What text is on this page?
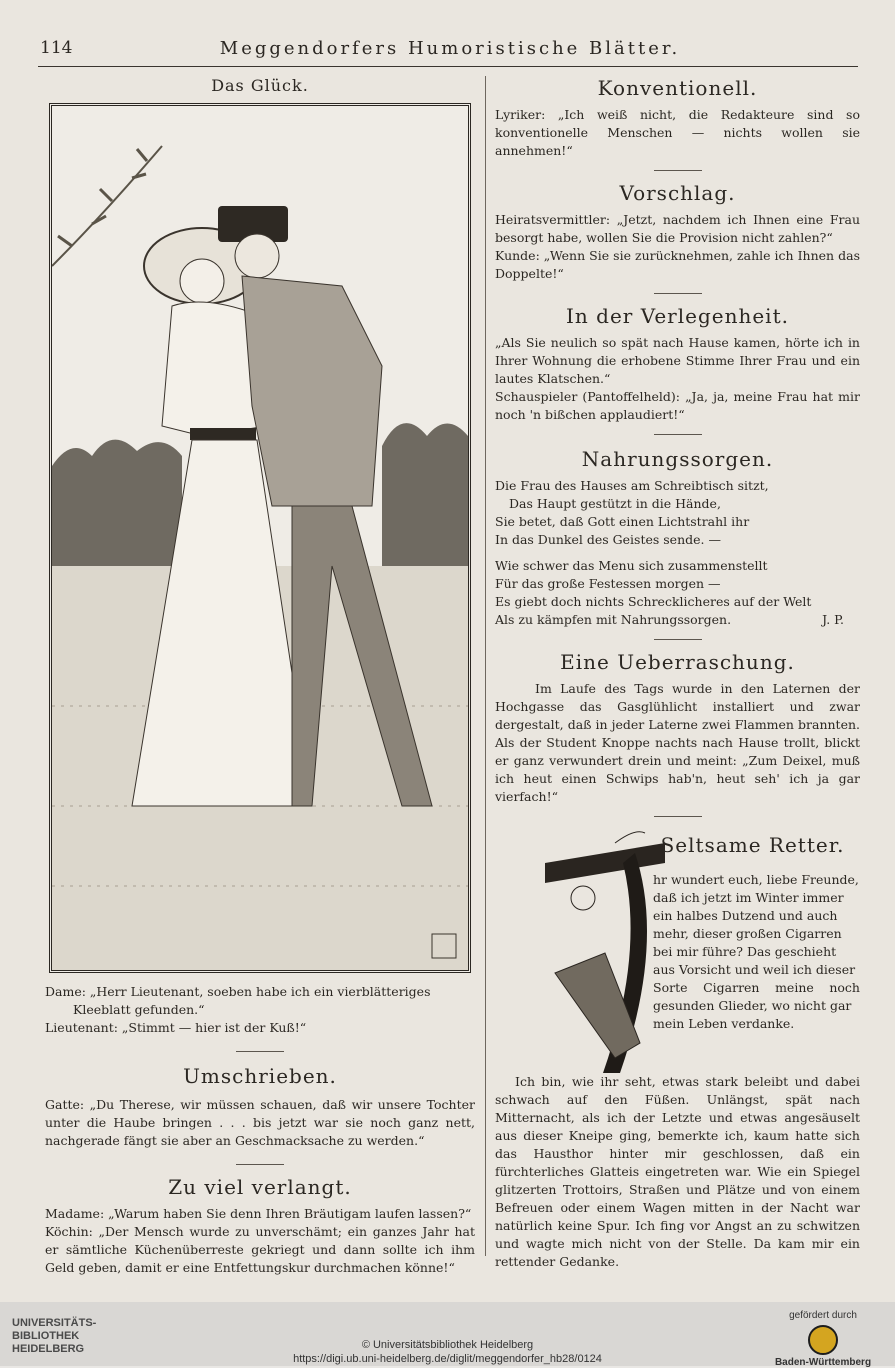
114	Meggendorfers Humoristische Blätter.
Das Glück.

Dame: „Herr Lieutenant, soeben habe ich ein vierblätteriges

Kleeblatt gefunden.“

Lieutenant: „Stimmt — hier ist der Kuß!“

Umschrieben.

Gatte: „Du Therese, wir müssen schauen, daß wir unsere Tochter unter die Haube bringen . . . bis jetzt war sie noch ganz nett, nachgerade fängt sie aber an Geschmacksache zu werden.“

Zu viel verlangt.

Madame: „Warum haben Sie denn Ihren Bräutigam laufen lassen?“

Köchin: „Der Mensch wurde zu unverschämt; ein ganzes Jahr hat er sämtliche Küchenüberreste gekriegt und dann sollte ich ihm Geld geben, damit er eine Entfettungskur durchmachen könne!“

Konventionell.

Lyriker: „Ich weiß nicht, die Redakteure sind so konventionelle Menschen — nichts wollen sie annehmen!“

Vorschlag.

Heiratsvermittler: „Jetzt, nachdem ich Ihnen eine Frau besorgt habe, wollen Sie die Provision nicht zahlen?“

Kunde: „Wenn Sie sie zurücknehmen, zahle ich Ihnen das Doppelte!“

In der Verlegenheit.

„Als Sie neulich so spät nach Hause kamen, hörte ich in Ihrer Wohnung die erhobene Stimme Ihrer Frau und ein lautes Klatschen.“

Schauspieler (Pantoffelheld): „Ja, ja, meine Frau hat mir noch 'n bißchen applaudiert!“

Nahrungssorgen.
Die Frau des Hauses am Schreibtisch sitzt,
Das Haupt gestützt in die Hände,
Sie betet, daß Gott einen Lichtstrahl ihr
In das Dunkel des Geistes sende. —
Wie schwer das Menu sich zusammenstellt
Für das große Festessen morgen —
Es giebt doch nichts Schrecklicheres auf der Welt
Als zu kämpfen mit Nahrungssorgen.	J. P.
Eine Ueberraschung.

Im Laufe des Tags wurde in den Laternen der Hochgasse das Gasglühlicht installiert und zwar dergestalt, daß in jeder Laterne zwei Flammen brannten. Als der Student Knoppe nachts nach Hause trollt, blickt er ganz verwundert drein und meint: „Zum Deixel, muß ich heut einen Schwips hab'n, heut seh' ich ja gar vierfach!“

Seltsame Retter.
hr wundert euch, liebe Freunde,
daß ich jetzt im Winter immer
ein halbes Dutzend und auch
mehr, dieser großen Cigarren
bei mir führe? Das geschieht
aus Vorsicht und weil ich dieser
Sorte Cigarren meine noch gesunden Glieder, wo nicht gar
mein Leben verdanke.

Ich bin, wie ihr seht, etwas stark beleibt und dabei schwach auf den Füßen. Unlängst, spät nach Mitternacht, als ich der Letzte und etwas angesäuselt aus dieser Kneipe ging, bemerkte ich, kaum hatte sich das Hausthor hinter mir geschlossen, daß ein fürchterliches Glatteis eingetreten war. Wie ein Spiegel glitzerten Trottoirs, Straßen und Plätze und von einem Befreuen oder einem Wagen mitten in der Nacht war natürlich keine Spur. Ich fing vor Angst an zu schwitzen und wagte mich nicht von der Stelle. Da kam mir ein rettender Gedanke.

UNIVERSITÄTS-
BIBLIOTHEK
HEIDELBERG	© Universitätsbibliothek Heidelberg
https://digi.ub.uni-heidelberg.de/diglit/meggendorfer_hb28/0124
gefördert durch
Baden-Württemberg
